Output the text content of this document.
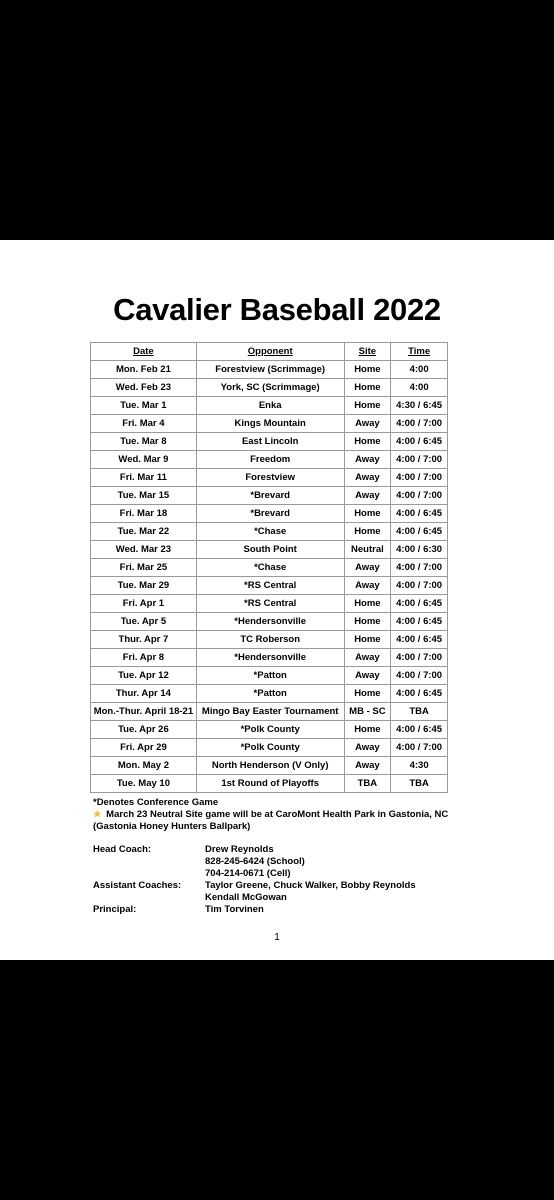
Cavalier Baseball 2022
Date	Opponent	Site	Time
Mon. Feb 21	Forestview (Scrimmage)	Home	4:00
Wed. Feb 23	York, SC (Scrimmage)	Home	4:00
Tue. Mar 1	Enka	Home	4:30 / 6:45
Fri. Mar 4	Kings Mountain	Away	4:00 / 7:00
Tue. Mar 8	East Lincoln	Home	4:00 / 6:45
Wed. Mar 9	Freedom	Away	4:00 / 7:00
Fri. Mar 11	Forestview	Away	4:00 / 7:00
Tue. Mar 15	*Brevard	Away	4:00 / 7:00
Fri. Mar 18	*Brevard	Home	4:00 / 6:45
Tue. Mar 22	*Chase	Home	4:00 / 6:45
Wed. Mar 23	South Point	Neutral	4:00 / 6:30
Fri. Mar 25	*Chase	Away	4:00 / 7:00
Tue. Mar 29	*RS Central	Away	4:00 / 7:00
Fri. Apr 1	*RS Central	Home	4:00 / 6:45
Tue. Apr 5	*Hendersonville	Home	4:00 / 6:45
Thur. Apr 7	TC Roberson	Home	4:00 / 6:45
Fri. Apr 8	*Hendersonville	Away	4:00 / 7:00
Tue. Apr 12	*Patton	Away	4:00 / 7:00
Thur. Apr 14	*Patton	Home	4:00 / 6:45
Mon.-Thur. April 18-21	Mingo Bay Easter Tournament	MB - SC	TBA
Tue. Apr 26	*Polk County	Home	4:00 / 6:45
Fri. Apr 29	*Polk County	Away	4:00 / 7:00
Mon. May 2	North Henderson (V Only)	Away	4:30
Tue. May 10	1st Round of Playoffs	TBA	TBA
*Denotes Conference Game
★ March 23 Neutral Site game will be at CaroMont Health Park in Gastonia, NC
(Gastonia Honey Hunters Ballpark)
Head Coach:	Drew Reynolds
828-245-6424 (School)
704-214-0671 (Cell)
Assistant Coaches:	Taylor Greene, Chuck Walker, Bobby Reynolds
Kendall McGowan
Principal:	Tim Torvinen
1
